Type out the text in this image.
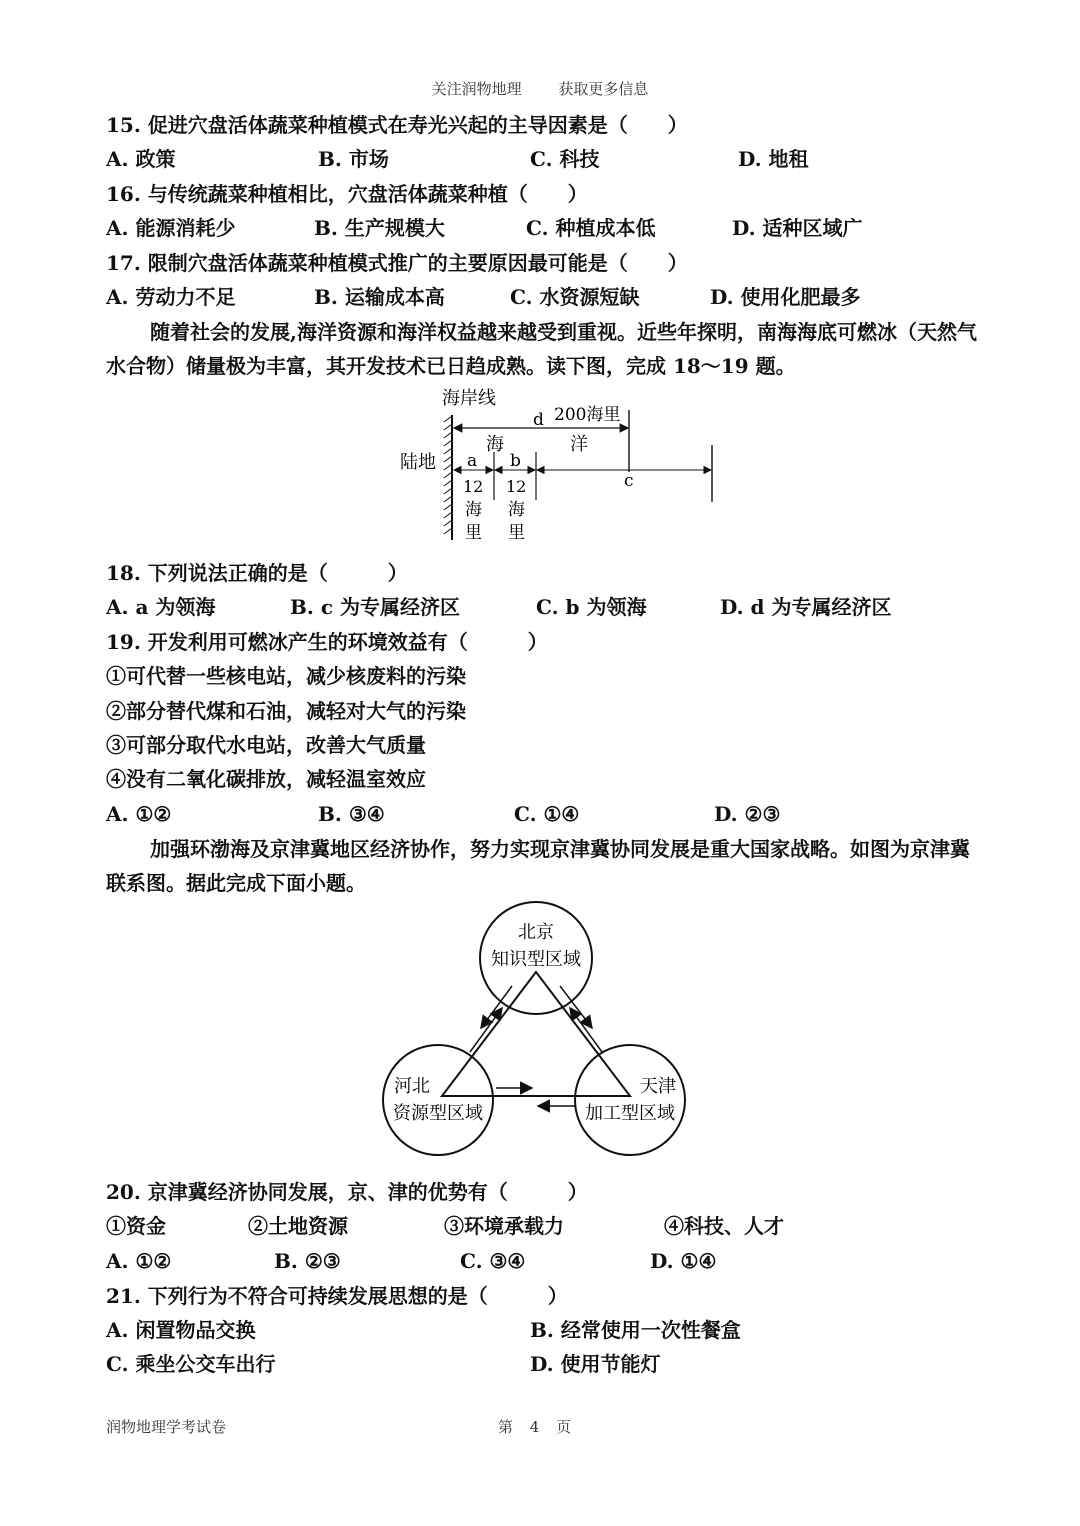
关注润物地理 获取更多信息
15. 促进穴盘活体蔬菜种植模式在寿光兴起的主导因素是（　　）
A. 政策	B. 市场	C. 科技	D. 地租
16. 与传统蔬菜种植相比，穴盘活体蔬菜种植（　　）
A. 能源消耗少	B. 生产规模大	C. 种植成本低	D. 适种区域广
17. 限制穴盘活体蔬菜种植模式推广的主要原因最可能是（　　）
A. 劳动力不足	B. 运输成本高	C. 水资源短缺	D. 使用化肥最多
随着社会的发展,海洋资源和海洋权益越来越受到重视。近些年探明，南海海底可燃冰（天然气水合物）储量极为丰富，其开发技术已日趋成熟。读下图，完成 18～19 题。
海岸线
陆地
d 200海里
海	洋
a b
c
12
海
里
12
海
里
18. 下列说法正确的是（　　　）
A. a 为领海	B. c 为专属经济区	C. b 为领海	D. d 为专属经济区
19. 开发利用可燃冰产生的环境效益有（　　　）
①可代替一些核电站，减少核废料的污染
②部分替代煤和石油，减轻对大气的污染
③可部分取代水电站，改善大气质量
④没有二氧化碳排放，减轻温室效应
A. ①②	B. ③④	C. ①④	D. ②③
加强环渤海及京津冀地区经济协作，努力实现京津冀协同发展是重大国家战略。如图为京津冀联系图。据此完成下面小题。
北京
知识型区域
河北
资源型区域
天津
加工型区域
20. 京津冀经济协同发展，京、津的优势有（　　　）
①资金	②土地资源	③环境承载力	④科技、人才
A. ①②	B. ②③	C. ③④	D. ①④
21. 下列行为不符合可持续发展思想的是（　　　）
A. 闲置物品交换	B. 经常使用一次性餐盒
C. 乘坐公交车出行	D. 使用节能灯
润物地理学考试卷	第 4 页
